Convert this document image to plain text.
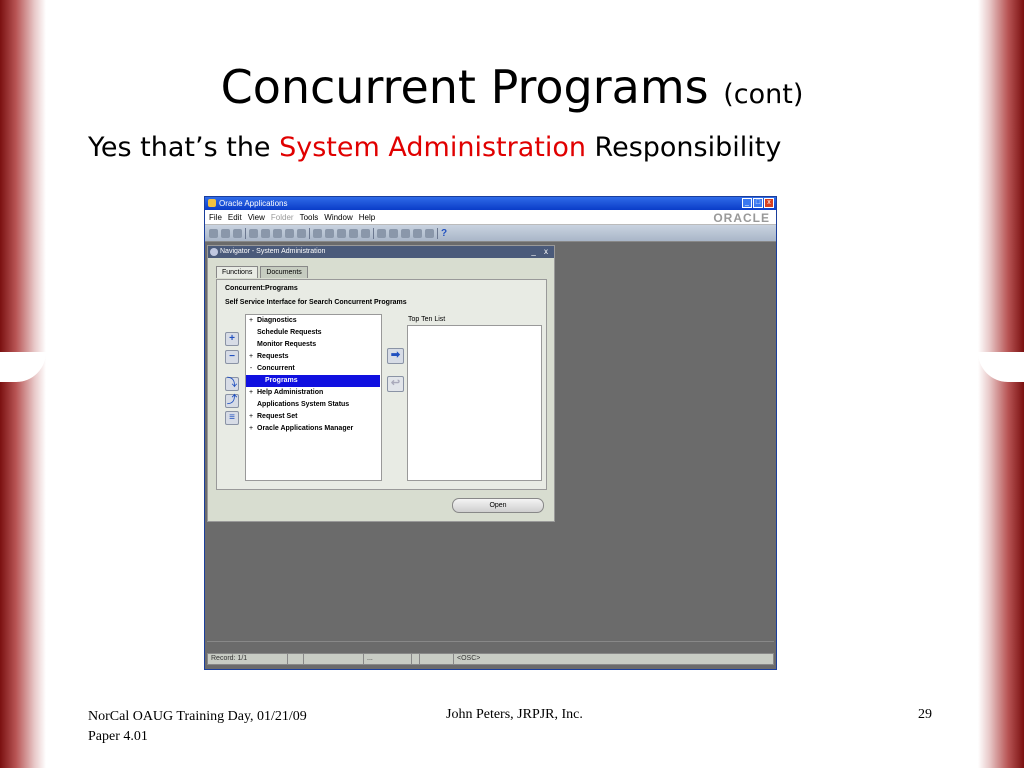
Concurrent Programs (cont)
Yes that’s the System Administration Responsibility
Oracle Applications	_ □	x
File Edit View Folder Tools Window Help	ORACLE
?
Navigator - System Administration	_ x
Functions	Documents
Concurrent:Programs
Self Service Interface for Search Concurrent Programs
+
−
⤵
⤴
≡
+ Diagnostics
Schedule Requests
Monitor Requests
+ Requests
- Concurrent
Programs
+ Help Administration
Applications System Status
+ Request Set
+ Oracle Applications Manager
➡
↩
Top Ten List
Open
Record: 1/1	...	<OSC>
NorCal OAUG Training Day, 01/21/09
Paper 4.01
John Peters, JRPJR, Inc.	29
